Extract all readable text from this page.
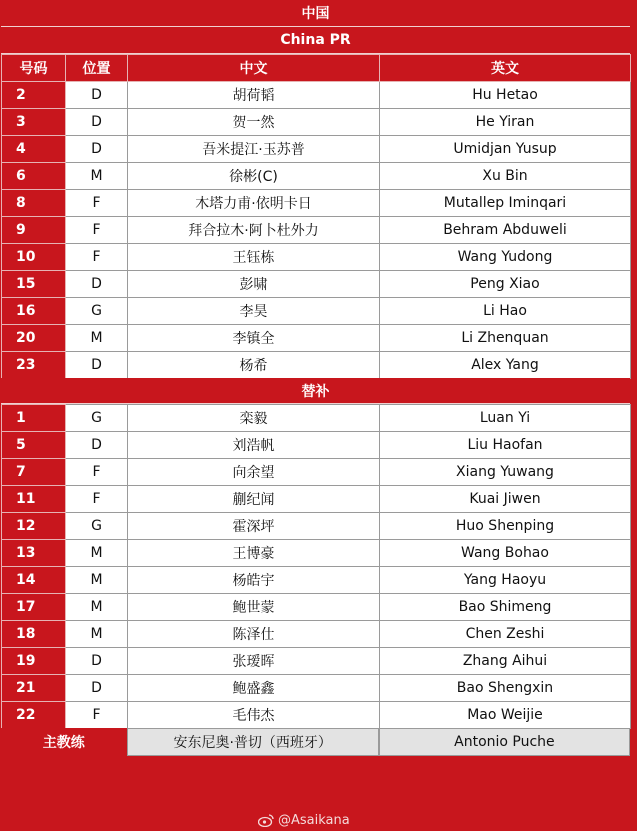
中国
China PR
号码	位置	中文	英文
2	D	胡荷韬	Hu Hetao
3	D	贺一然	He Yiran
4	D	吾米提江·玉苏普	Umidjan Yusup
6	M	徐彬(C)	Xu Bin
8	F	木塔力甫·依明卡日	Mutallep Iminqari
9	F	拜合拉木·阿卜杜外力	Behram Abduweli
10	F	王钰栋	Wang Yudong
15	D	彭啸	Peng Xiao
16	G	李昊	Li Hao
20	M	李镇全	Li Zhenquan
23	D	杨希	Alex Yang
替补
1	G	栾毅	Luan Yi
5	D	刘浩帆	Liu Haofan
7	F	向余望	Xiang Yuwang
11	F	蒯纪闻	Kuai Jiwen
12	G	霍深坪	Huo Shenping
13	M	王博豪	Wang Bohao
14	M	杨皓宇	Yang Haoyu
17	M	鲍世蒙	Bao Shimeng
18	M	陈泽仕	Chen Zeshi
19	D	张瑷晖	Zhang Aihui
21	D	鲍盛鑫	Bao Shengxin
22	F	毛伟杰	Mao Weijie
主教练	安东尼奥·普切（西班牙）	Antonio Puche
@Asaikana
